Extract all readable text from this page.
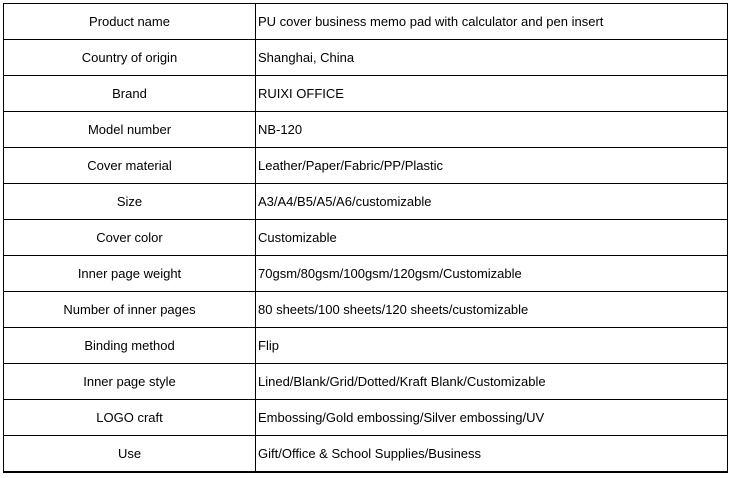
Product name	PU cover business memo pad with calculator and pen insert
Country of origin	Shanghai, China
Brand	RUIXI OFFICE
Model number	NB-120
Cover material	Leather/Paper/Fabric/PP/Plastic
Size	A3/A4/B5/A5/A6/customizable
Cover color	Customizable
Inner page weight	70gsm/80gsm/100gsm/120gsm/Customizable
Number of inner pages	80 sheets/100 sheets/120 sheets/customizable
Binding method	Flip
Inner page style	Lined/Blank/Grid/Dotted/Kraft Blank/Customizable
LOGO craft	Embossing/Gold embossing/Silver embossing/UV
Use	Gift/Office & School Supplies/Business
